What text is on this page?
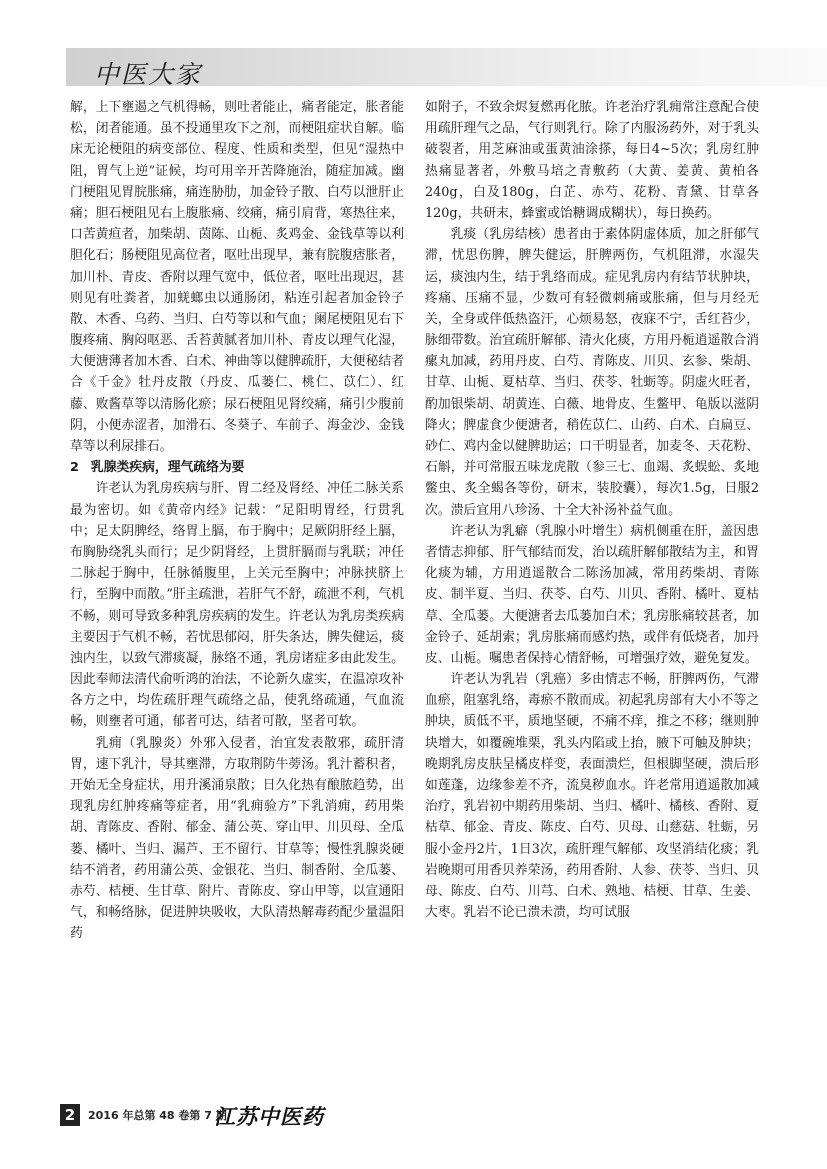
中医大家

解，上下壅遏之气机得畅，则吐者能止，痛者能定，胀者能松，闭者能通。虽不投通里攻下之剂，而梗阻症状自解。临床无论梗阻的病变部位、程度、性质和类型，但见“湿热中阻，胃气上逆”证候，均可用辛开苦降施治，随症加减。幽门梗阻见胃脘胀痛，痛连胁肋，加金铃子散、白芍以泄肝止痛；胆石梗阻见右上腹胀痛、绞痛，痛引肩背，寒热往来，口苦黄疸者，加柴胡、茵陈、山栀、炙鸡金、金钱草等以利胆化石；肠梗阻见高位者，呕吐出现早，兼有脘腹痞胀者，加川朴、青皮、香附以理气宽中，低位者，呕吐出现迟，甚则见有吐粪者，加蜣螂虫以通肠闭，粘连引起者加金铃子散、木香、乌药、当归、白芍等以和气血；阑尾梗阻见右下腹疼痛、胸闷呕恶、舌苔黄腻者加川朴、青皮以理气化湿，大便溏薄者加木香、白术、神曲等以健脾疏肝，大便秘结者合《千金》牡丹皮散（丹皮、瓜蒌仁、桃仁、苡仁）、红藤、败酱草等以清肠化瘀；尿石梗阻见肾绞痛，痛引少腹前阴，小便赤涩者，加滑石、冬葵子、车前子、海金沙、金钱草等以利尿排石。

2 乳腺类疾病，理气疏络为要

许老认为乳房疾病与肝、胃二经及肾经、冲任二脉关系最为密切。如《黄帝内经》记载：“足阳明胃经，行贯乳中；足太阴脾经，络胃上膈，布于胸中；足厥阴肝经上膈，布胸胁绕乳头而行；足少阴肾经，上贯肝膈而与乳联；冲任二脉起于胸中，任脉循腹里，上关元至胸中；冲脉挟脐上行，至胸中而散。”肝主疏泄，若肝气不舒，疏泄不利，气机不畅，则可导致多种乳房疾病的发生。许老认为乳房类疾病主要因于气机不畅，若忧思郁闷，肝失条达，脾失健运，痰浊内生，以致气滞痰凝，脉络不通，乳房诸症多由此发生。因此奉师法清代俞听鸿的治法，不论新久虚实，在温凉攻补各方之中，均佐疏肝理气疏络之品，使乳络疏通，气血流畅，则壅者可通，郁者可达，结者可散，坚者可软。

乳痈（乳腺炎）外邪入侵者，治宜发表散邪，疏肝清胃，速下乳汁，导其壅滞，方取荆防牛蒡汤。乳汁蓄积者，开始无全身症状，用升溪涌泉散；日久化热有酿脓趋势，出现乳房红肿疼痛等症者，用“乳痈验方”下乳消痈，药用柴胡、青陈皮、香附、郁金、蒲公英、穿山甲、川贝母、全瓜蒌、橘叶、当归、漏芦、王不留行、甘草等；慢性乳腺炎硬结不消者，药用蒲公英、金银花、当归、制香附、全瓜蒌、赤芍、桔梗、生甘草、附片、青陈皮、穿山甲等，以宣通阳气，和畅络脉，促进肿块吸收，大队清热解毒药配少量温阳药

如附子，不致余烬复燃再化脓。许老治疗乳痈常注意配合使用疏肝理气之品，气行则乳行。除了内服汤药外，对于乳头破裂者，用芝麻油或蛋黄油涂搽，每日4~5次；乳房红肿热痛显著者，外敷马培之青敷药（大黄、姜黄、黄柏各240g，白及180g，白芷、赤芍、花粉、青黛、甘草各120g，共研末，蜂蜜或饴糖调成糊状），每日换药。

乳痰（乳房结核）患者由于素体阴虚体质，加之肝郁气滞，忧思伤脾，脾失健运，肝脾两伤，气机阻滞，水湿失运，痰浊内生，结于乳络而成。症见乳房内有结节状肿块，疼痛、压痛不显，少数可有轻微刺痛或胀痛，但与月经无关，全身或伴低热盗汗，心烦易怒，夜寐不宁，舌红苔少，脉细带数。治宜疏肝解郁、清火化痰，方用丹栀逍遥散合消瘰丸加减，药用丹皮、白芍、青陈皮、川贝、玄参、柴胡、甘草、山栀、夏枯草、当归、茯苓、牡蛎等。阴虚火旺者，酌加银柴胡、胡黄连、白薇、地骨皮、生鳖甲、龟版以滋阴降火；脾虚食少便溏者，稍佐苡仁、山药、白术、白扁豆、砂仁、鸡内金以健脾助运；口干明显者，加麦冬、天花粉、石斛，并可常服五味龙虎散（参三七、血竭、炙蜈蚣、炙地鳖虫、炙全蝎各等份，研末，装胶囊），每次1.5g，日服2次。溃后宜用八珍汤、十全大补汤补益气血。

许老认为乳癖（乳腺小叶增生）病机侧重在肝，盖因患者情志抑郁、肝气郁结而发，治以疏肝解郁散结为主，和胃化痰为辅，方用逍遥散合二陈汤加减，常用药柴胡、青陈皮、制半夏、当归、茯苓、白芍、川贝、香附、橘叶、夏枯草、全瓜蒌。大便溏者去瓜蒌加白术；乳房胀痛较甚者，加金铃子、延胡索；乳房胀痛而感灼热，或伴有低烧者，加丹皮、山栀。嘱患者保持心情舒畅，可增强疗效，避免复发。

许老认为乳岩（乳癌）多由情志不畅，肝脾两伤，气滞血瘀，阻塞乳络，毒瘀不散而成。初起乳房部有大小不等之肿块，质低不平，质地坚硬，不痛不痒，推之不移；继则肿块增大，如覆碗堆栗，乳头内陷或上抬，腋下可触及肿块；晚期乳房皮肤呈橘皮样变，表面溃烂，但根脚坚硬，溃后形如莲蓬，边缘参差不齐，流臭秽血水。许老常用逍遥散加减治疗，乳岩初中期药用柴胡、当归、橘叶、橘核、香附、夏枯草、郁金、青皮、陈皮、白芍、贝母、山慈菇、牡蛎，另服小金丹2片，1日3次，疏肝理气解郁、攻坚消结化痰；乳岩晚期可用香贝养荣汤，药用香附、人参、茯苓、当归、贝母、陈皮、白芍、川芎、白术、熟地、桔梗、甘草、生姜、大枣。乳岩不论已溃未溃，均可试服

2	2016 年总第 48 卷第 7 期
江苏中医药
